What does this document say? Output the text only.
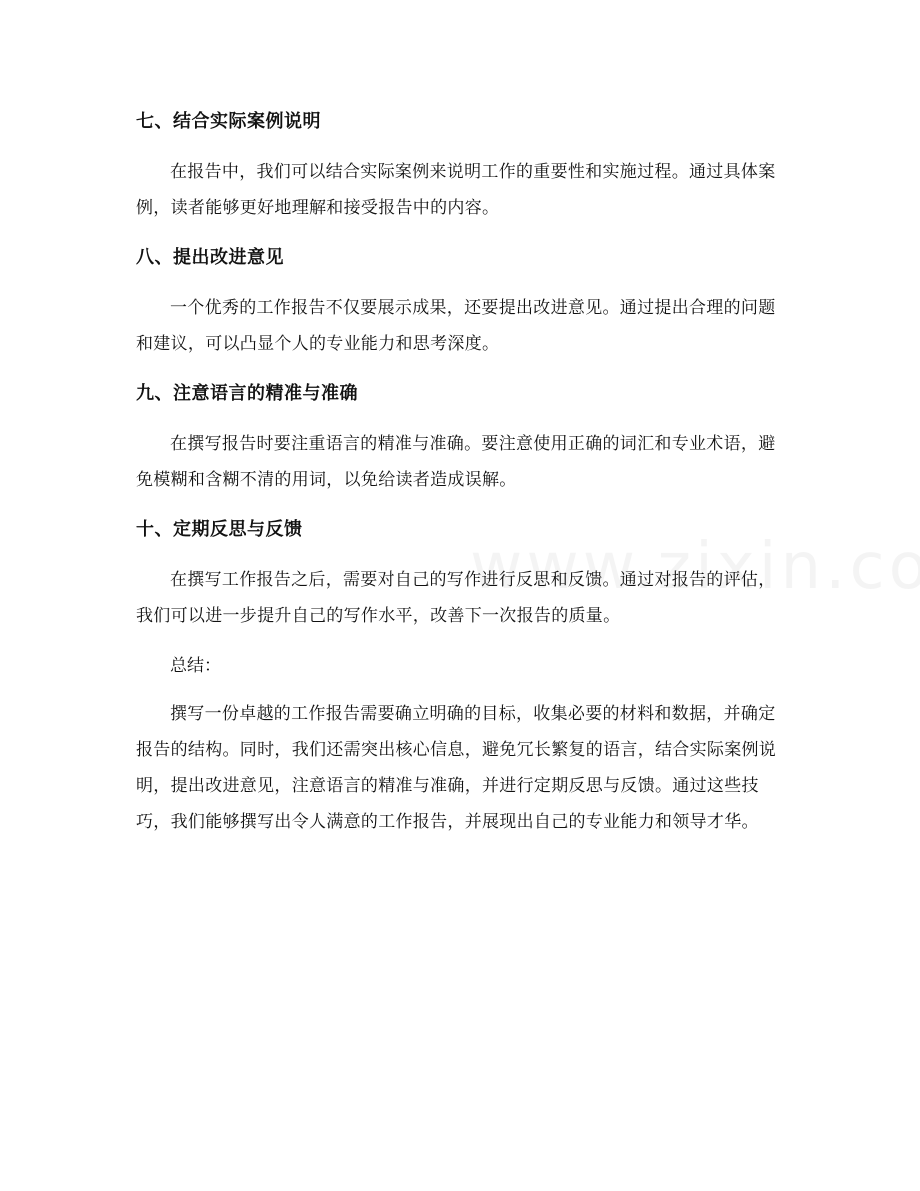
七、结合实际案例说明

在报告中，我们可以结合实际案例来说明工作的重要性和实施过程。通过具体案例，读者能够更好地理解和接受报告中的内容。

八、提出改进意见

一个优秀的工作报告不仅要展示成果，还要提出改进意见。通过提出合理的问题和建议，可以凸显个人的专业能力和思考深度。

九、注意语言的精准与准确

在撰写报告时要注重语言的精准与准确。要注意使用正确的词汇和专业术语，避免模糊和含糊不清的用词，以免给读者造成误解。

十、定期反思与反馈

在撰写工作报告之后，需要对自己的写作进行反思和反馈。通过对报告的评估，我们可以进一步提升自己的写作水平，改善下一次报告的质量。

总结：

撰写一份卓越的工作报告需要确立明确的目标，收集必要的材料和数据，并确定报告的结构。同时，我们还需突出核心信息，避免冗长繁复的语言，结合实际案例说明，提出改进意见，注意语言的精准与准确，并进行定期反思与反馈。通过这些技巧，我们能够撰写出令人满意的工作报告，并展现出自己的专业能力和领导才华。
